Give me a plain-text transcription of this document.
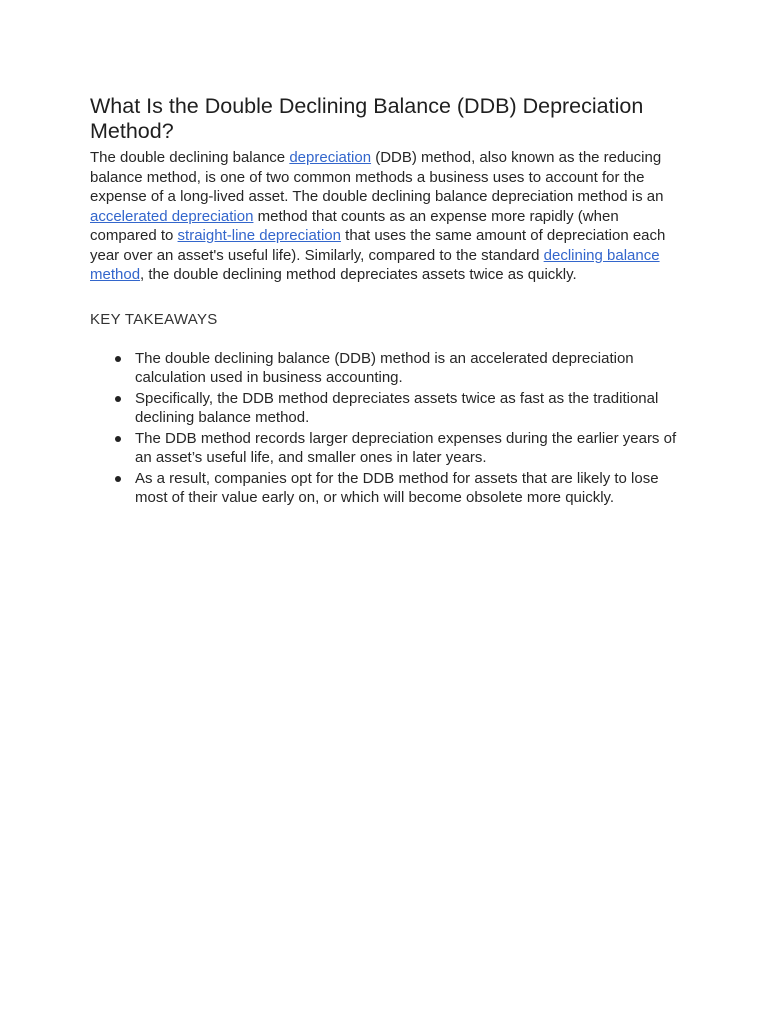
What Is the Double Declining Balance (DDB) Depreciation Method?

The double declining balance depreciation (DDB) method, also known as the reducing balance method, is one of two common methods a business uses to account for the expense of a long-lived asset. The double declining balance depreciation method is an accelerated depreciation method that counts as an expense more rapidly (when compared to straight-line depreciation that uses the same amount of depreciation each year over an asset's useful life). Similarly, compared to the standard declining balance method, the double declining method depreciates assets twice as quickly.

KEY TAKEAWAYS
The double declining balance (DDB) method is an accelerated depreciation calculation used in business accounting.
Specifically, the DDB method depreciates assets twice as fast as the traditional declining balance method.
The DDB method records larger depreciation expenses during the earlier years of an asset’s useful life, and smaller ones in later years.
As a result, companies opt for the DDB method for assets that are likely to lose most of their value early on, or which will become obsolete more quickly.
